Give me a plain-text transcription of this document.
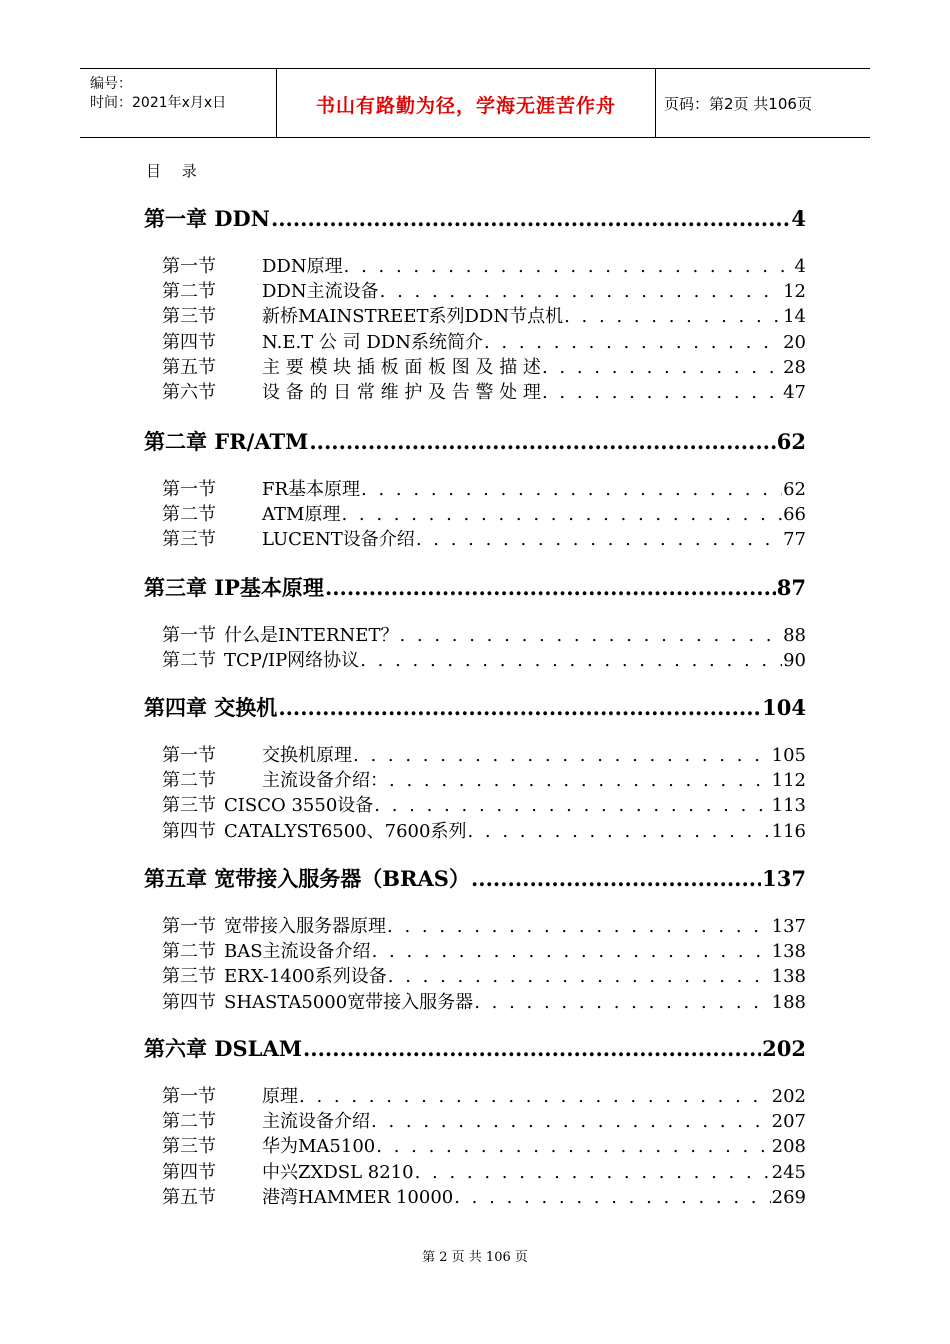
编号：
时间：2021年x月x日	书山有路勤为径，学海无涯苦作舟	页码：第2页 共106页
目 录
第一章 DDN .....	4
第一节	DDN原理 . . .	4
第二节	DDN主流设备 . . .	12
第三节	新桥MAINSTREET系列DDN节点机 . . .	14
第四节	N.E.T 公 司 DDN系统简介 . . .	20
第五节	主 要 模 块 插 板 面 板 图 及 描 述 . . .	28
第六节	设 备 的 日 常 维 护 及 告 警 处 理 . . .	47
第二章 FR/ATM .....	62
第一节	FR基本原理 . . .	62
第二节	ATM原理 . . .	66
第三节	LUCENT设备介绍 . . .	77
第三章 IP基本原理 .....	87
第一节 什么是INTERNET？ . . .	88
第二节 TCP/IP网络协议 . . .	90
第四章 交换机 .....	104
第一节	交换机原理 . . .	105
第二节	主流设备介绍： . . .	112
第三节 CISCO 3550设备 . . .	113
第四节 CATALYST6500、7600系列 . . .	116
第五章 宽带接入服务器（BRAS） .....	137
第一节 宽带接入服务器原理 . . .	137
第二节 BAS主流设备介绍 . . .	138
第三节 ERX-1400系列设备 . . .	138
第四节 SHASTA5000宽带接入服务器 . . .	188
第六章 DSLAM .....	202
第一节	原理 . . .	202
第二节	主流设备介绍 . . .	207
第三节	华为MA5100 . . .	208
第四节	中兴ZXDSL 8210 . . .	245
第五节	港湾HAMMER 10000 . . .	269
第 2 页 共 106 页
